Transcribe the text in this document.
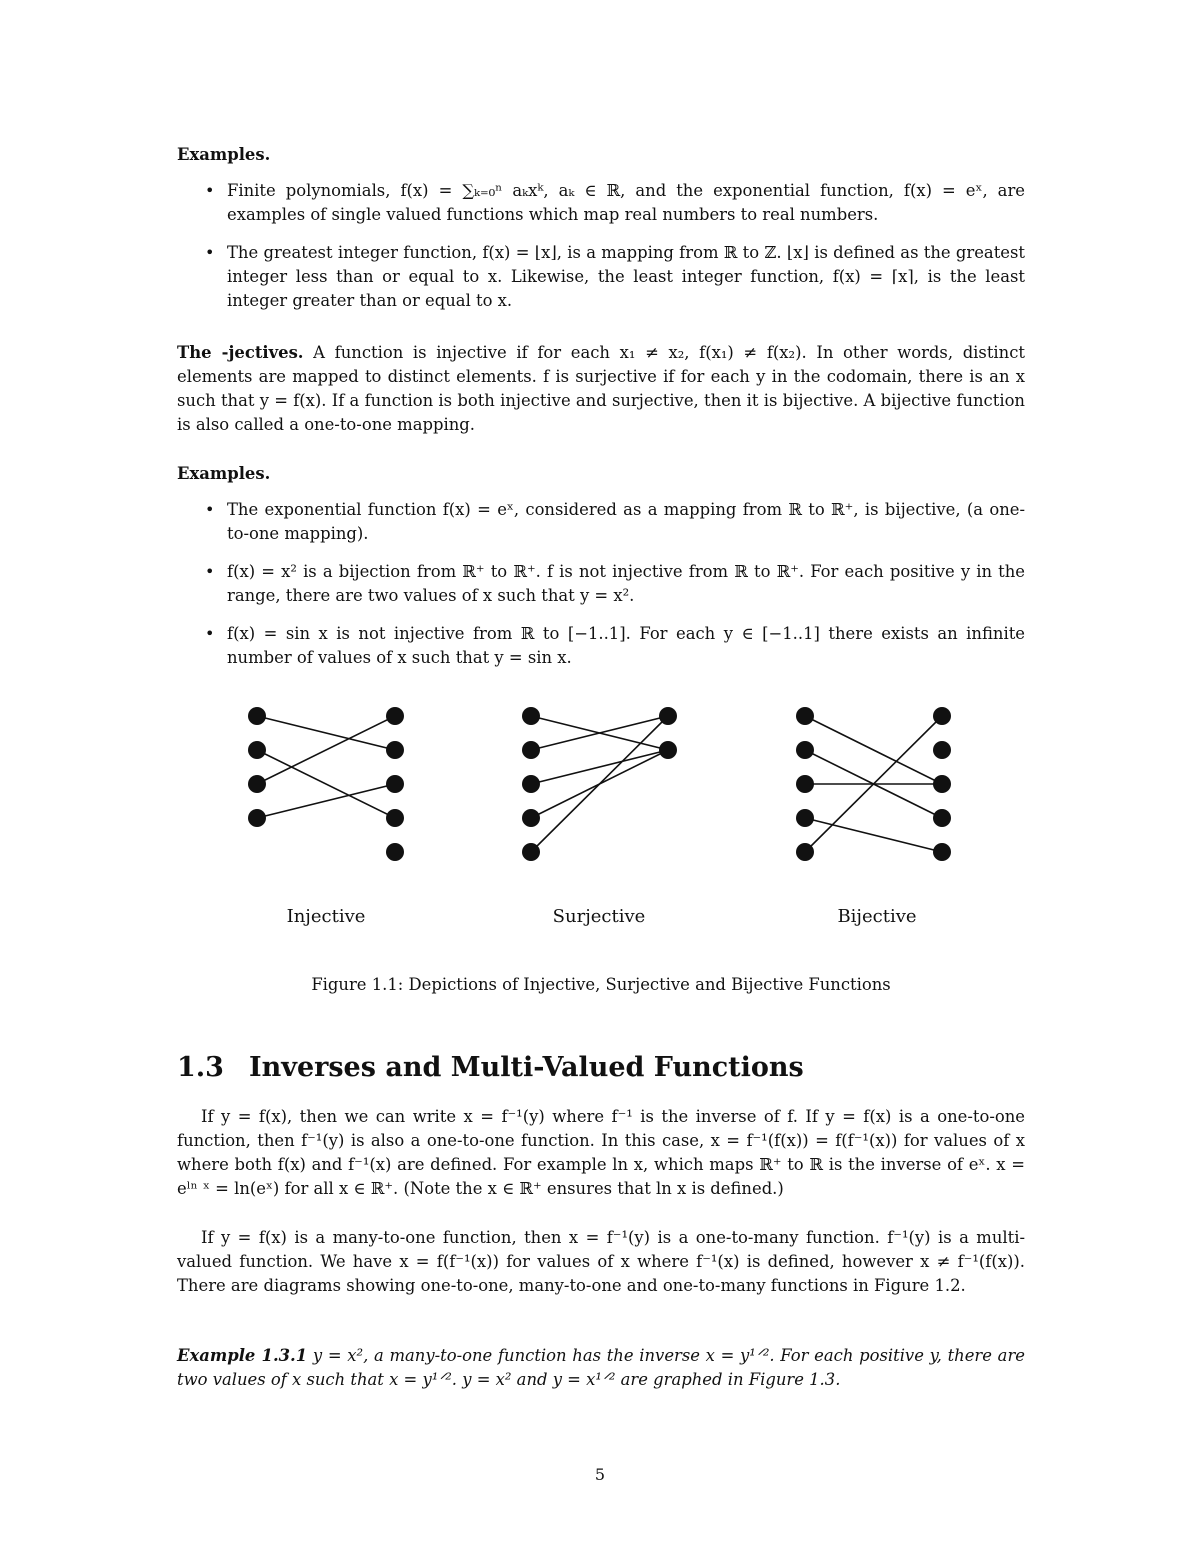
Examples.
• Finite polynomials, f(x) = ∑ₖ₌₀ⁿ aₖxᵏ, aₖ ∈ ℝ, and the exponential function, f(x) = eˣ, are examples of single valued functions which map real numbers to real numbers.
• The greatest integer function, f(x) = ⌊x⌋, is a mapping from ℝ to ℤ. ⌊x⌋ is defined as the greatest integer less than or equal to x. Likewise, the least integer function, f(x) = ⌈x⌉, is the least integer greater than or equal to x.
The -jectives. A function is injective if for each x₁ ≠ x₂, f(x₁) ≠ f(x₂). In other words, distinct elements are mapped to distinct elements. f is surjective if for each y in the codomain, there is an x such that y = f(x). If a function is both injective and surjective, then it is bijective. A bijective function is also called a one-to-one mapping.
Examples.
• The exponential function f(x) = eˣ, considered as a mapping from ℝ to ℝ⁺, is bijective, (a one-to-one mapping).
• f(x) = x² is a bijection from ℝ⁺ to ℝ⁺. f is not injective from ℝ to ℝ⁺. For each positive y in the range, there are two values of x such that y = x².
• f(x) = sin x is not injective from ℝ to [−1..1]. For each y ∈ [−1..1] there exists an infinite number of values of x such that y = sin x.
Injective	Surjective	Bijective
Figure 1.1: Depictions of Injective, Surjective and Bijective Functions
1.3 Inverses and Multi-Valued Functions
If y = f(x), then we can write x = f⁻¹(y) where f⁻¹ is the inverse of f. If y = f(x) is a one-to-one function, then f⁻¹(y) is also a one-to-one function. In this case, x = f⁻¹(f(x)) = f(f⁻¹(x)) for values of x where both f(x) and f⁻¹(x) are defined. For example ln x, which maps ℝ⁺ to ℝ is the inverse of eˣ. x = eˡⁿ ˣ = ln(eˣ) for all x ∈ ℝ⁺. (Note the x ∈ ℝ⁺ ensures that ln x is defined.)
If y = f(x) is a many-to-one function, then x = f⁻¹(y) is a one-to-many function. f⁻¹(y) is a multi-valued function. We have x = f(f⁻¹(x)) for values of x where f⁻¹(x) is defined, however x ≠ f⁻¹(f(x)). There are diagrams showing one-to-one, many-to-one and one-to-many functions in Figure 1.2.
Example 1.3.1 y = x², a many-to-one function has the inverse x = y¹ᐟ². For each positive y, there are two values of x such that x = y¹ᐟ². y = x² and y = x¹ᐟ² are graphed in Figure 1.3.
5
